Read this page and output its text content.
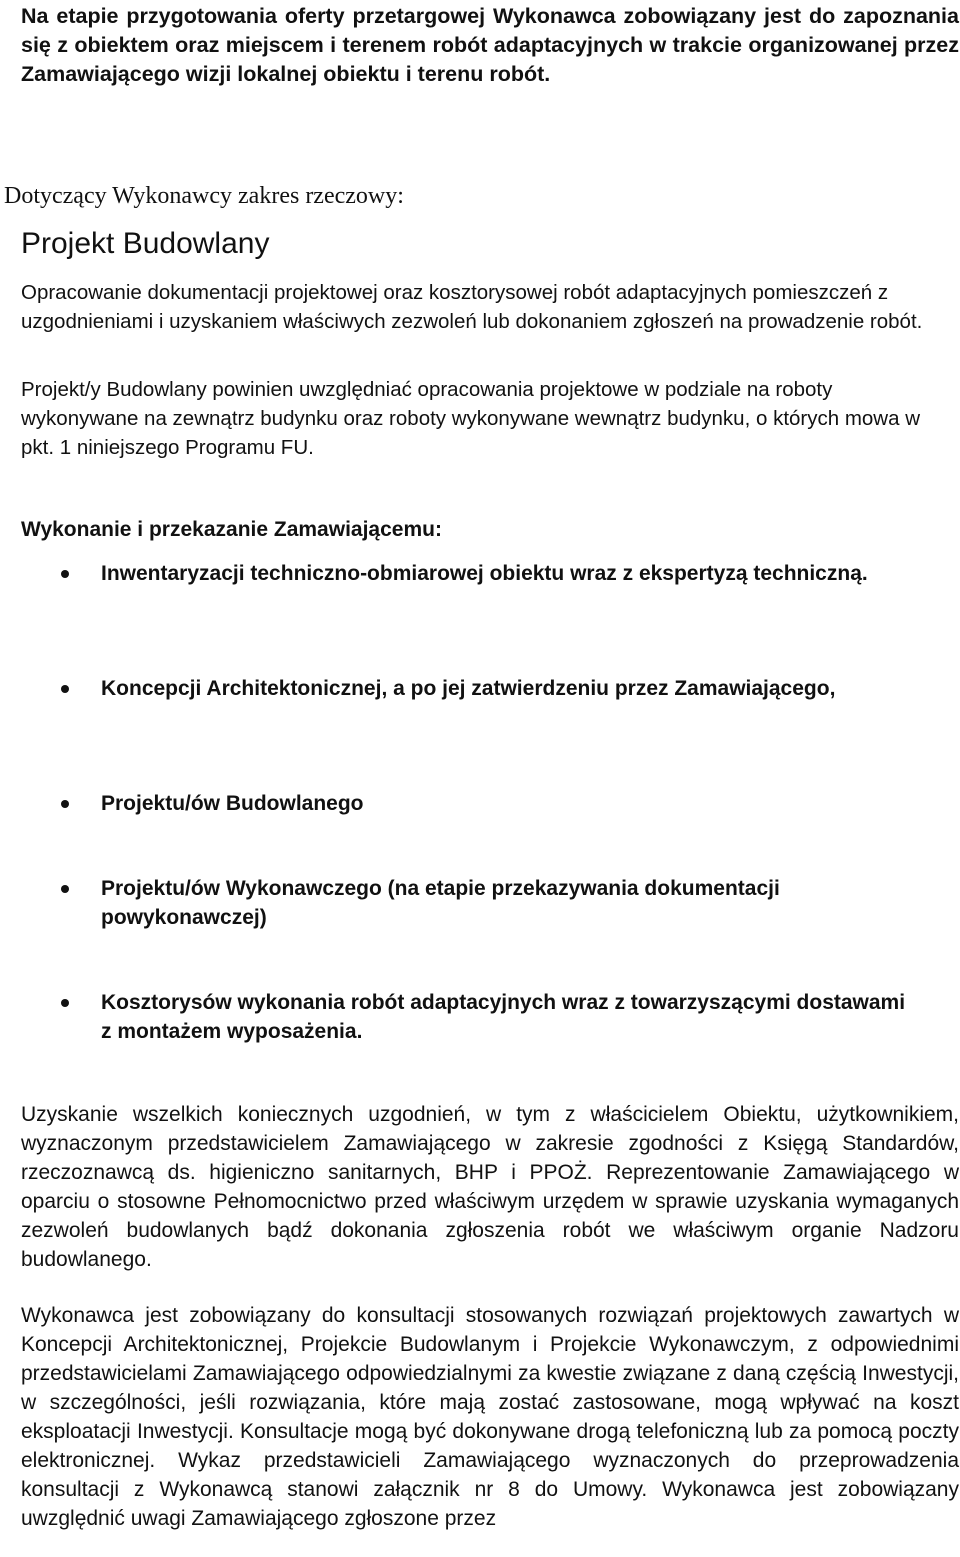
Na etapie przygotowania oferty przetargowej Wykonawca zobowiązany jest do zapoznania się z obiektem oraz miejscem i terenem robót adaptacyjnych w trakcie organizowanej przez Zamawiającego wizji lokalnej obiektu i terenu robót.

Dotyczący Wykonawcy zakres rzeczowy:
Projekt Budowlany

Opracowanie dokumentacji projektowej oraz kosztorysowej robót adaptacyjnych pomieszczeń z uzgodnieniami i uzyskaniem właściwych zezwoleń lub dokonaniem zgłoszeń na prowadzenie robót.

Projekt/y Budowlany powinien uwzględniać opracowania projektowe w podziale na roboty wykonywane na zewnątrz budynku oraz roboty wykonywane wewnątrz budynku, o których mowa w pkt. 1 niniejszego Programu FU.

Wykonanie i przekazanie Zamawiającemu:
Inwentaryzacji techniczno-obmiarowej obiektu wraz z ekspertyzą techniczną.
Koncepcji Architektonicznej, a po jej zatwierdzeniu przez Zamawiającego,
Projektu/ów Budowlanego
Projektu/ów Wykonawczego (na etapie przekazywania dokumentacji powykonawczej)
Kosztorysów wykonania robót adaptacyjnych wraz z towarzyszącymi dostawami z montażem wyposażenia.

Uzyskanie wszelkich koniecznych uzgodnień, w tym z właścicielem Obiektu, użytkownikiem, wyznaczonym przedstawicielem Zamawiającego w zakresie zgodności z Księgą Standardów, rzeczoznawcą ds. higieniczno sanitarnych, BHP i PPOŻ. Reprezentowanie Zamawiającego w oparciu o stosowne Pełnomocnictwo przed właściwym urzędem w sprawie uzyskania wymaganych zezwoleń budowlanych bądź dokonania zgłoszenia robót we właściwym organie Nadzoru budowlanego.

Wykonawca jest zobowiązany do konsultacji stosowanych rozwiązań projektowych zawartych w Koncepcji Architektonicznej, Projekcie Budowlanym i Projekcie Wykonawczym, z odpowiednimi przedstawicielami Zamawiającego odpowiedzialnymi za kwestie związane z daną częścią Inwestycji, w szczególności, jeśli rozwiązania, które mają zostać zastosowane, mogą wpływać na koszt eksploatacji Inwestycji. Konsultacje mogą być dokonywane drogą telefoniczną lub za pomocą poczty elektronicznej. Wykaz przedstawicieli Zamawiającego wyznaczonych do przeprowadzenia konsultacji z Wykonawcą stanowi załącznik nr 8 do Umowy. Wykonawca jest zobowiązany uwzględnić uwagi Zamawiającego zgłoszone przez
